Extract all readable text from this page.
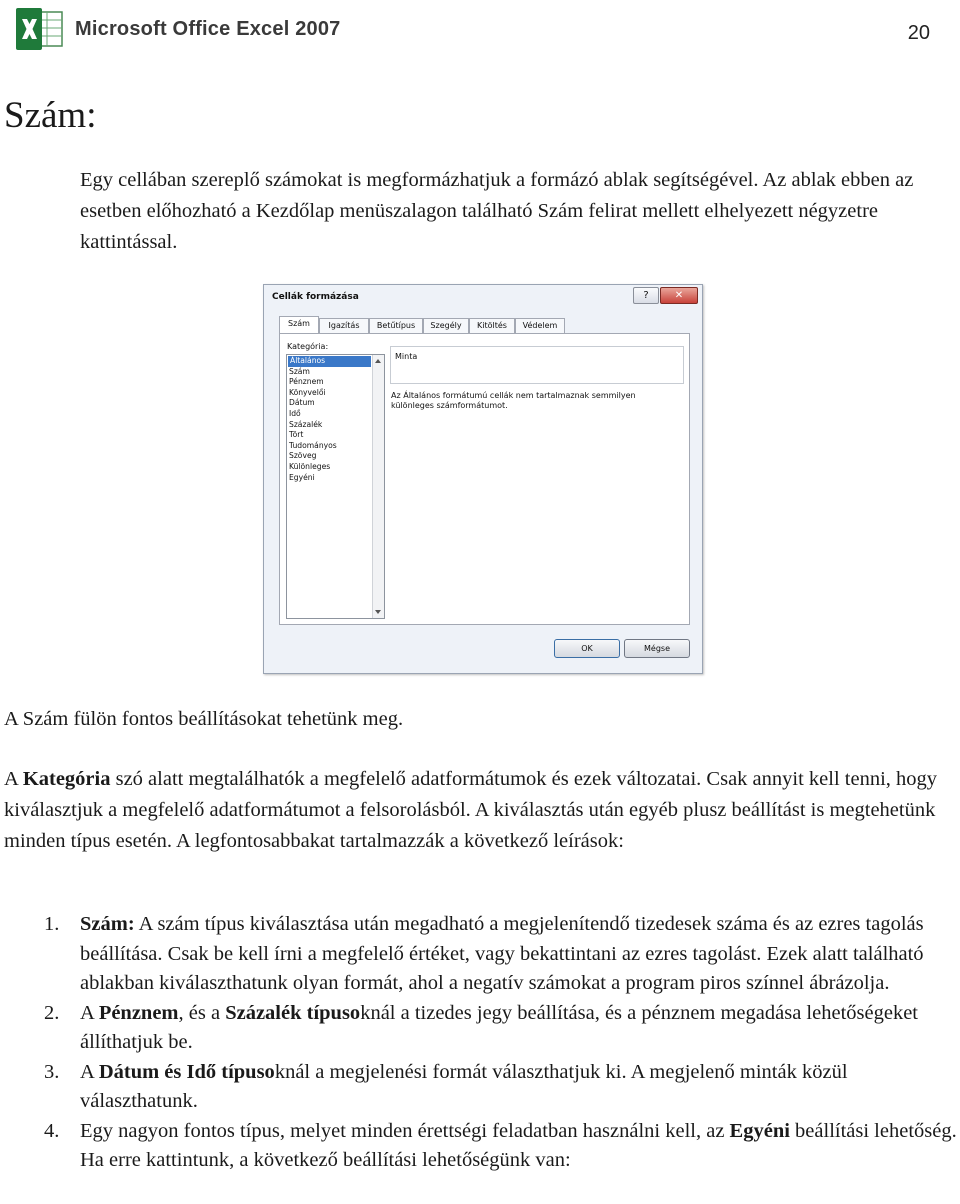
Microsoft Office Excel 2007	20
Szám:

Egy cellában szereplő számokat is megformázhatjuk a formázó ablak segítségével. Az ablak ebben az esetben előhozható a Kezdőlap menüszalagon található Szám felirat mellett elhelyezett négyzetre kattintással.

Cellák formázása	?	✕
Szám	Igazítás	Betűtípus	Szegély	Kitöltés	Védelem
Kategória:
Általános
Szám
Pénznem
Könyvelői
Dátum
Idő
Százalék
Tört
Tudományos
Szöveg
Különleges
Egyéni
Minta
Az Általános formátumú cellák nem tartalmaznak semmilyen különleges számformátumot.
OK	Mégse

A Szám fülön fontos beállításokat tehetünk meg.

A Kategória szó alatt megtalálhatók a megfelelő adatformátumok és ezek változatai. Csak annyit kell tenni, hogy kiválasztjuk a megfelelő adatformátumot a felsorolásból. A kiválasztás után egyéb plusz beállítást is megtehetünk minden típus esetén. A legfontosabbakat tartalmazzák a következő leírások:

1. Szám: A szám típus kiválasztása után megadható a megjelenítendő tizedesek száma és az ezres tagolás beállítása. Csak be kell írni a megfelelő értéket, vagy bekattintani az ezres tagolást. Ezek alatt található ablakban kiválaszthatunk olyan formát, ahol a negatív számokat a program piros színnel ábrázolja.
2. A Pénznem, és a Százalék típusoknál a tizedes jegy beállítása, és a pénznem megadása lehetőségeket állíthatjuk be.
3. A Dátum és Idő típusoknál a megjelenési formát választhatjuk ki. A megjelenő minták közül választhatunk.
4. Egy nagyon fontos típus, melyet minden érettségi feladatban használni kell, az Egyéni beállítási lehetőség. Ha erre kattintunk, a következő beállítási lehetőségünk van:
